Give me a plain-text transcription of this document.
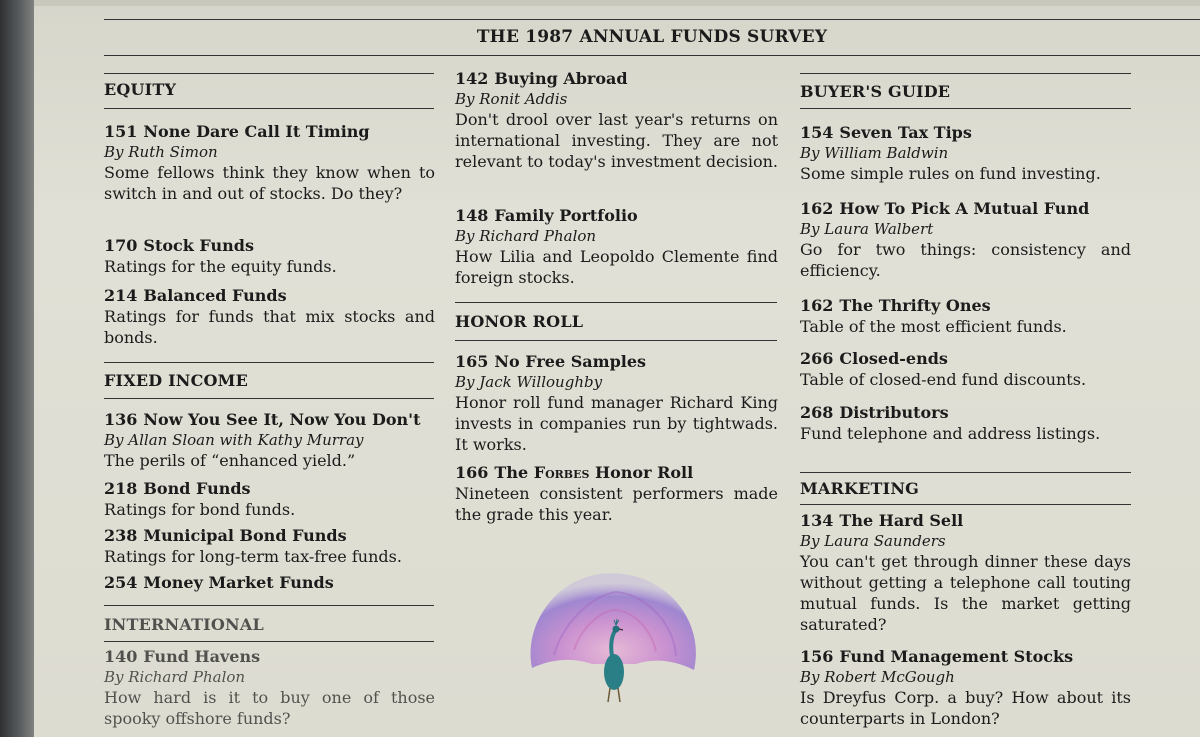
THE 1987 ANNUAL FUNDS SURVEY
EQUITY
151 None Dare Call It Timing
By Ruth Simon
Some fellows think they know when to switch in and out of stocks. Do they?
170 Stock Funds
Ratings for the equity funds.
214 Balanced Funds
Ratings for funds that mix stocks and bonds.
FIXED INCOME
136 Now You See It, Now You Don't
By Allan Sloan with Kathy Murray
The perils of “enhanced yield.”
218 Bond Funds
Ratings for bond funds.
238 Municipal Bond Funds
Ratings for long-term tax-free funds.
254 Money Market Funds
INTERNATIONAL
140 Fund Havens
By Richard Phalon
How hard is it to buy one of those spooky offshore funds?
142 Buying Abroad
By Ronit Addis
Don't drool over last year's returns on international investing. They are not relevant to today's investment decision.
148 Family Portfolio
By Richard Phalon
How Lilia and Leopoldo Clemente find foreign stocks.
HONOR ROLL
165 No Free Samples
By Jack Willoughby
Honor roll fund manager Richard King invests in companies run by tightwads. It works.
166 The Forbes Honor Roll
Nineteen consistent performers made the grade this year.
BUYER'S GUIDE
154 Seven Tax Tips
By William Baldwin
Some simple rules on fund investing.
162 How To Pick A Mutual Fund
By Laura Walbert
Go for two things: consistency and efficiency.
162 The Thrifty Ones
Table of the most efficient funds.
266 Closed-ends
Table of closed-end fund discounts.
268 Distributors
Fund telephone and address listings.
MARKETING
134 The Hard Sell
By Laura Saunders
You can't get through dinner these days without getting a telephone call touting mutual funds. Is the market getting saturated?
156 Fund Management Stocks
By Robert McGough
Is Dreyfus Corp. a buy? How about its counterparts in London?
